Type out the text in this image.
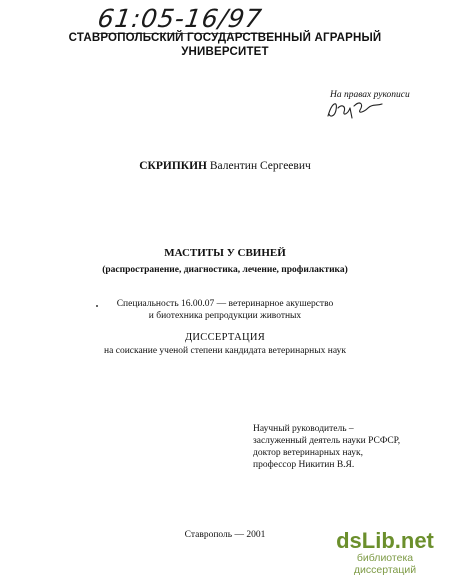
61:05-16/97
СТАВРОПОЛЬСКИЙ ГОСУДАРСТВЕННЫЙ АГРАРНЫЙ
УНИВЕРСИТЕТ
На правах рукописи
СКРИПКИН Валентин Сергеевич
МАСТИТЫ У СВИНЕЙ
(распространение, диагностика, лечение, профилактика)
Специальность 16.00.07 — ветеринарное акушерство
и биотехника репродукции животных
ДИССЕРТАЦИЯ
на соискание ученой степени кандидата ветеринарных наук
Научный руководитель –
заслуженный деятель науки РСФСР,
доктор ветеринарных наук,
профессор Никитин В.Я.
Ставрополь — 2001	dsLib.net
библиотека диссертаций
